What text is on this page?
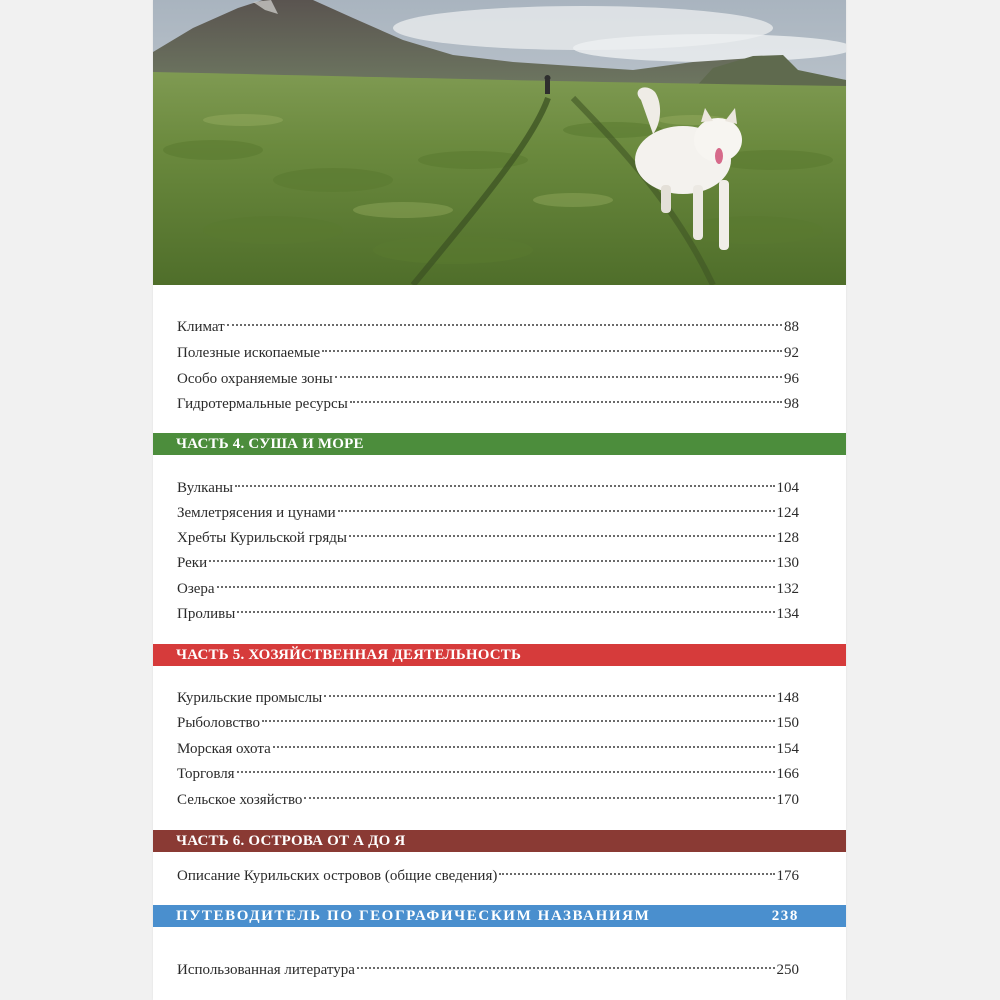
Климат	88
Полезные ископаемые	92
Особо охраняемые зоны	96
Гидротермальные ресурсы	98
ЧАСТЬ 4. СУША И МОРЕ
Вулканы	104
Землетрясения и цунами	124
Хребты Курильской гряды	128
Реки	130
Озера	132
Проливы	134
ЧАСТЬ 5. ХОЗЯЙСТВЕННАЯ ДЕЯТЕЛЬНОСТЬ
Курильские промыслы	148
Рыболовство	150
Морская охота	154
Торговля	166
Сельское хозяйство	170
ЧАСТЬ 6. ОСТРОВА ОТ А ДО Я
Описание Курильских островов (общие сведения)	176
ПУТЕВОДИТЕЛЬ ПО ГЕОГРАФИЧЕСКИМ НАЗВАНИЯМ	238
Использованная литература	250
